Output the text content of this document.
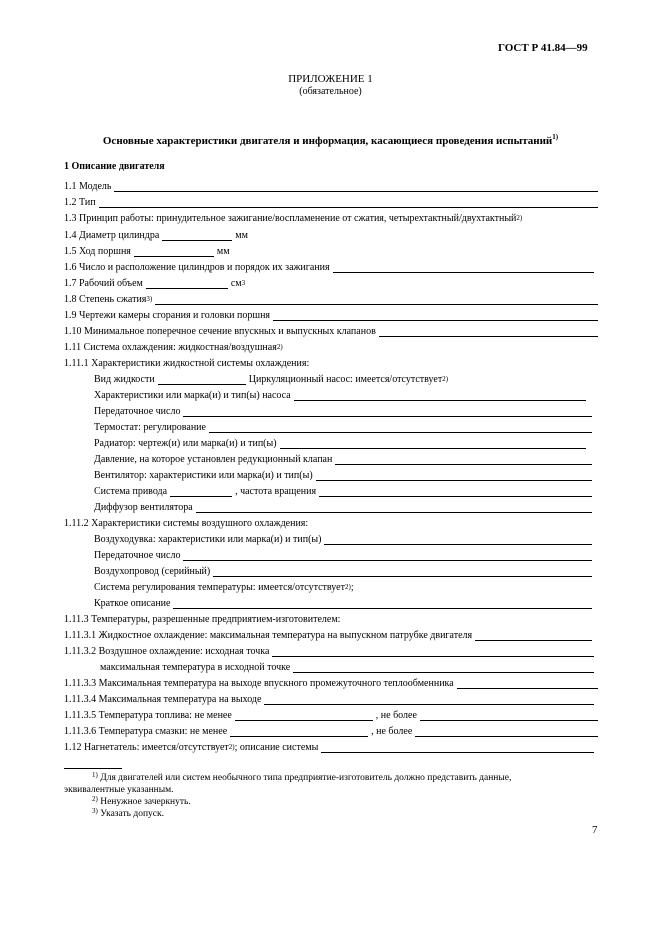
ГОСТ Р 41.84—99
ПРИЛОЖЕНИЕ 1
(обязательное)
Основные характеристики двигателя и информация, касающиеся проведения испытаний$^{1)}$
1 Описание двигателя
1.1 Модель
1.2 Тип
1.3 Принцип работы: принудительное зажигание/воспламенение от сжатия, четырехтактный/двухтактный$^{2)}$
1.4 Диаметр цилиндра	мм
1.5 Ход поршня	мм
1.6 Число и расположение цилиндров и порядок их зажигания
1.7 Рабочий объем	$см^3$
1.8 Степень сжатия$^{3)}$
1.9 Чертежи камеры сгорания и головки поршня
1.10 Минимальное поперечное сечение впускных и выпускных клапанов
1.11 Система охлаждения: жидкостная/воздушная$^{2)}$
1.11.1 Характеристики жидкостной системы охлаждения:
Вид жидкости	Циркуляционный насос: имеется/отсутствует$^{2)}$
Характеристики или марка(и) и тип(ы) насоса
Передаточное число
Термостат: регулирование
Радиатор: чертеж(и) или марка(и) и тип(ы)
Давление, на которое установлен редукционный клапан
Вентилятор: характеристики или марка(и) и тип(ы)
Система привода	, частота вращения
Диффузор вентилятора
1.11.2 Характеристики системы воздушного охлаждения:
Воздуходувка: характеристики или марка(и) и тип(ы)
Передаточное число
Воздухопровод (серийный)
Система регулирования температуры: имеется/отсутствует$^{2)}$ ;
Краткое описание
1.11.3 Температуры, разрешенные предприятием-изготовителем:
1.11.3.1 Жидкостное охлаждение: максимальная температура на выпускном патрубке двигателя
1.11.3.2 Воздушное охлаждение: исходная точка
максимальная температура в исходной точке
1.11.3.3 Максимальная температура на выходе впускного промежуточного теплообменника
1.11.3.4 Максимальная температура на выходе
1.11.3.5 Температура топлива: не менее	, не более
1.11.3.6 Температура смазки: не менее	, не более
1.12 Нагнетатель: имеется/отсутствует$^{2)}$ ; описание системы
$^{1)}$ Для двигателей или систем необычного типа предприятие-изготовитель должно представить данные,
эквивалентные указанным.
$^{2)}$ Ненужное зачеркнуть.
$^{3)}$ Указать допуск.
7
